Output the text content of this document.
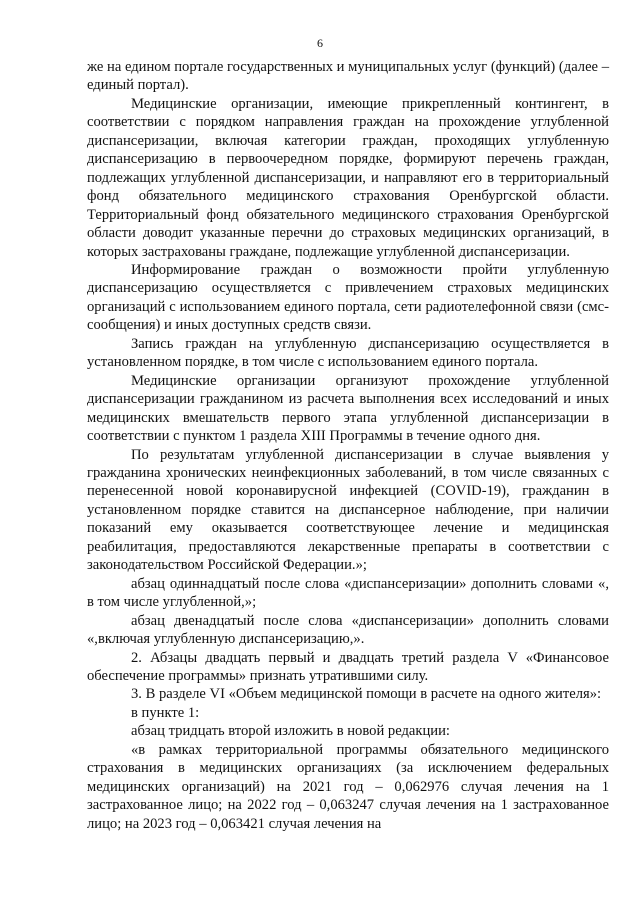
6

же на едином портале государственных и муниципальных услуг (функций) (далее – единый портал).

Медицинские организации, имеющие прикрепленный контингент, в соответствии с порядком направления граждан на прохождение углубленной диспансеризации, включая категории граждан, проходящих углубленную диспансеризацию в первоочередном порядке, формируют перечень граждан, подлежащих углубленной диспансеризации, и направляют его в территориальный фонд обязательного медицинского страхования Оренбургской области. Территориальный фонд обязательного медицинского страхования Оренбургской области доводит указанные перечни до страховых медицинских организаций, в которых застрахованы граждане, подлежащие углубленной диспансеризации.

Информирование граждан о возможности пройти углубленную диспансеризацию осуществляется с привлечением страховых медицинских организаций с использованием единого портала, сети радиотелефонной связи (смс-сообщения) и иных доступных средств связи.

Запись граждан на углубленную диспансеризацию осуществляется в установленном порядке, в том числе с использованием единого портала.

Медицинские организации организуют прохождение углубленной диспансеризации гражданином из расчета выполнения всех исследований и иных медицинских вмешательств первого этапа углубленной диспансеризации в соответствии с пунктом 1 раздела XIII Программы в течение одного дня.

По результатам углубленной диспансеризации в случае выявления у гражданина хронических неинфекционных заболеваний, в том числе связанных с перенесенной новой коронавирусной инфекцией (COVID-19), гражданин в установленном порядке ставится на диспансерное наблюдение, при наличии показаний ему оказывается соответствующее лечение и медицинская реабилитация, предоставляются лекарственные препараты в соответствии с законодательством Российской Федерации.»;

абзац одиннадцатый после слова «диспансеризации» дополнить словами «, в том числе углубленной,»;

абзац двенадцатый после слова «диспансеризации» дополнить словами «,включая углубленную диспансеризацию,».

2. Абзацы двадцать первый и двадцать третий раздела V «Финансовое обеспечение программы» признать утратившими силу.

3. В разделе VI «Объем медицинской помощи в расчете на одного жителя»:

в пункте 1:

абзац тридцать второй изложить в новой редакции:

«в рамках территориальной программы обязательного медицинского страхования в медицинских организациях (за исключением федеральных медицинских организаций) на 2021 год – 0,062976 случая лечения на 1 застрахованное лицо; на 2022 год – 0,063247 случая лечения на 1 застрахованное лицо; на 2023 год – 0,063421 случая лечения на
